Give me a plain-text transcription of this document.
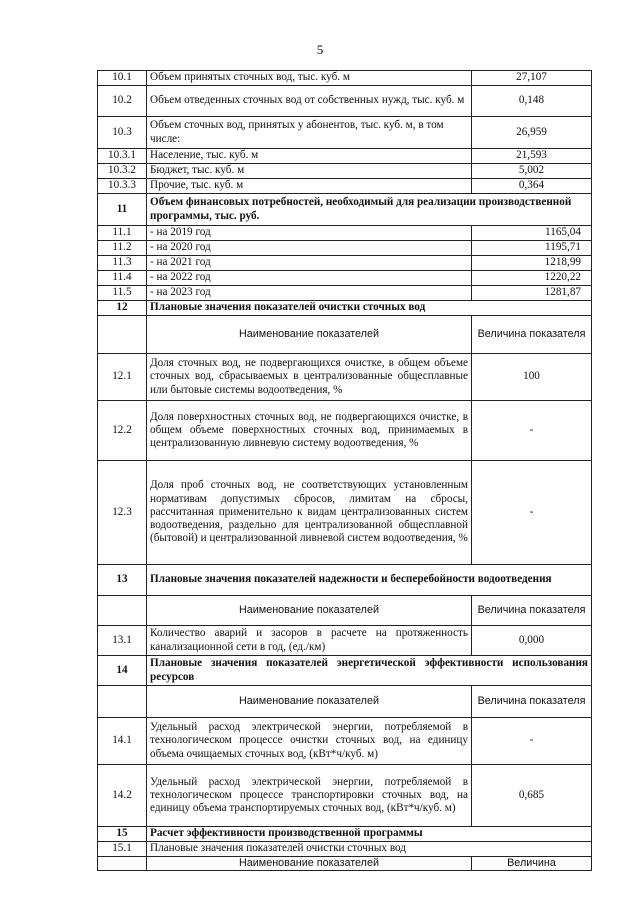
5
10.1	Объем принятых сточных вод, тыс. куб. м	27,107
10.2	Объем отведенных сточных вод от собственных нужд, тыс. куб. м	0,148
10.3	Объем сточных вод, принятых у абонентов, тыс. куб. м, в том числе:	26,959
10.3.1	Население, тыс. куб. м	21,593
10.3.2	Бюджет, тыс. куб. м	5,002
10.3.3	Прочие, тыс. куб. м	0,364
11	Объем финансовых потребностей, необходимый для реализации производственной программы, тыс. руб.	
11.1	- на 2019 год	1165,04
11.2	- на 2020 год	1195,71
11.3	- на 2021 год	1218,99
11.4	- на 2022 год	1220,22
11.5	- на 2023 год	1281,87
12	Плановые значения показателей очистки сточных вод	
	Наименование показателей	Величина показателя
12.1	Доля сточных вод, не подвергающихся очистке, в общем объеме сточных вод, сбрасываемых в централизованные общесплавные или бытовые системы водоотведения, %	100
12.2	Доля поверхностных сточных вод, не подвергающихся очистке, в общем объеме поверхностных сточных вод, принимаемых в централизованную ливневую систему водоотведения, %	-
12.3	Доля проб сточных вод, не соответствующих установленным нормативам допустимых сбросов, лимитам на сбросы, рассчитанная применительно к видам централизованных систем водоотведения, раздельно для централизованной общесплавной (бытовой) и централизованной ливневой систем водоотведения, %	-
13	Плановые значения показателей надежности и бесперебойности водоотведения	
	Наименование показателей	Величина показателя
13.1	Количество аварий и засоров в расчете на протяженность канализационной сети в год, (ед./км)	0,000
14	Плановые значения показателей энергетической эффективности использования ресурсов	
	Наименование показателей	Величина показателя
14.1	Удельный расход электрической энергии, потребляемой в технологическом процессе очистки сточных вод, на единицу объема очищаемых сточных вод, (кВт*ч/куб. м)	-
14.2	Удельный расход электрической энергии, потребляемой в технологическом процессе транспортировки сточных вод, на единицу объема транспортируемых сточных вод, (кВт*ч/куб. м)	0,685
15	Расчет эффективности производственной программы	
15.1	Плановые значения показателей очистки сточных вод	
	Наименование показателей	Величина
